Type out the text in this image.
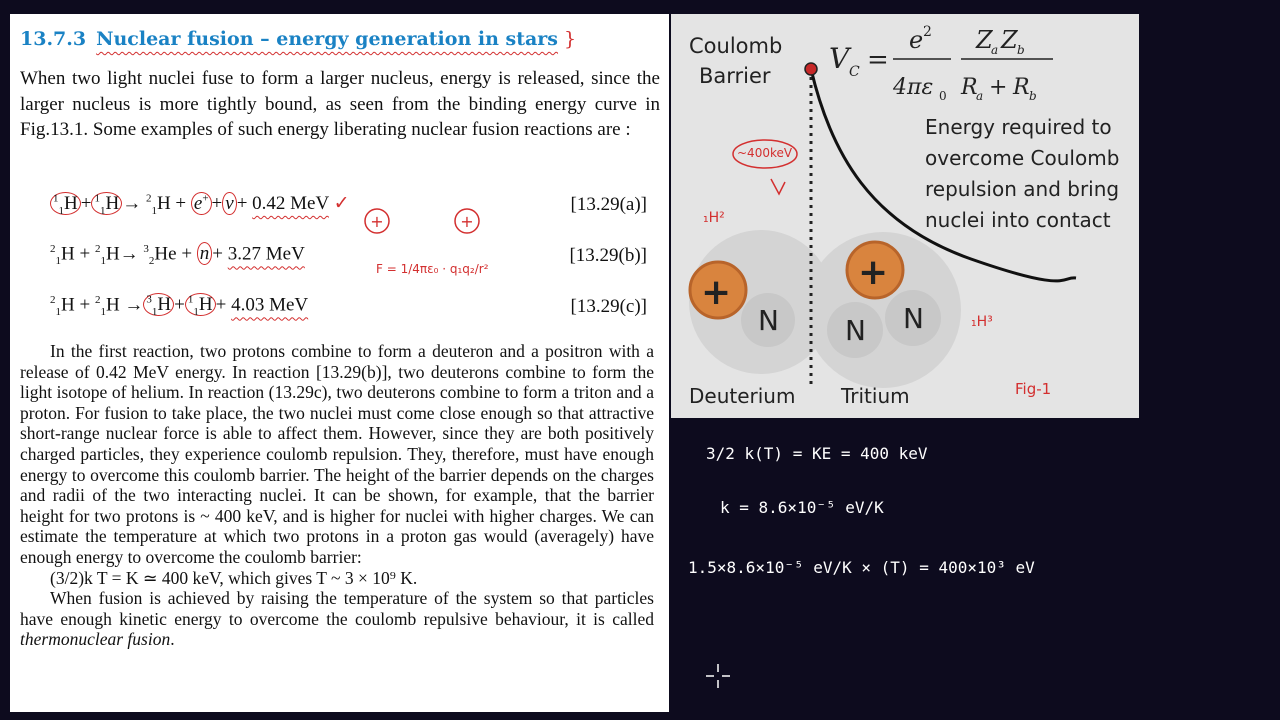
13.7.3 Nuclear fusion – energy generation in stars }
When two light nuclei fuse to form a larger nucleus, energy is released, since the larger nucleus is more tightly bound, as seen from the binding energy curve in Fig.13.1. Some examples of such energy liberating nuclear fusion reactions are :
$^1_1$H + $^1_1$H → $^2_1$H + e+ + ν + 0.42 MeV ✓	[13.29(a)]
$^2_1$H + $^2_1$H→ $^3_2$He + n + 3.27 MeV	[13.29(b)]
$^2_1$H + $^2_1$H → $^3_1$H + $^1_1$H + 4.03 MeV	[13.29(c)]
+	+
F = 1/4πε₀ · q₁q₂/r²

In the first reaction, two protons combine to form a deuteron and a positron with a release of 0.42 MeV energy. In reaction [13.29(b)], two deuterons combine to form the light isotope of helium. In reaction (13.29c), two deuterons combine to form a triton and a proton. For fusion to take place, the two nuclei must come close enough so that attractive short-range nuclear force is able to affect them. However, since they are both positively charged particles, they experience coulomb repulsion. They, therefore, must have enough energy to overcome this coulomb barrier. The height of the barrier depends on the charges and radii of the two interacting nuclei. It can be shown, for example, that the barrier height for two protons is ~ 400 keV, and is higher for nuclei with higher charges. We can estimate the temperature at which two protons in a proton gas would (averagely) have enough energy to overcome the coulomb barrier:

(3/2)k T = K ≃ 400 keV, which gives T ~ 3 × 10⁹ K.

When fusion is achieved by raising the temperature of the system so that particles have enough kinetic energy to overcome the coulomb repulsive behaviour, it is called thermonuclear fusion.

Coulomb
Barrier
V C =
e 2
4πε 0
Z
a Z b
R
a + R b
Energy required to
overcome Coulomb
repulsion and bring
nuclei into contact
+
N
+
N N
Deuterium Tritium
~400keV
₁H²
₁H³
Fig-1
3/2 k(T) = KE = 400 keV
k = 8.6×10⁻⁵ eV/K
1.5×8.6×10⁻⁵ eV/K × (T) = 400×10³ eV
